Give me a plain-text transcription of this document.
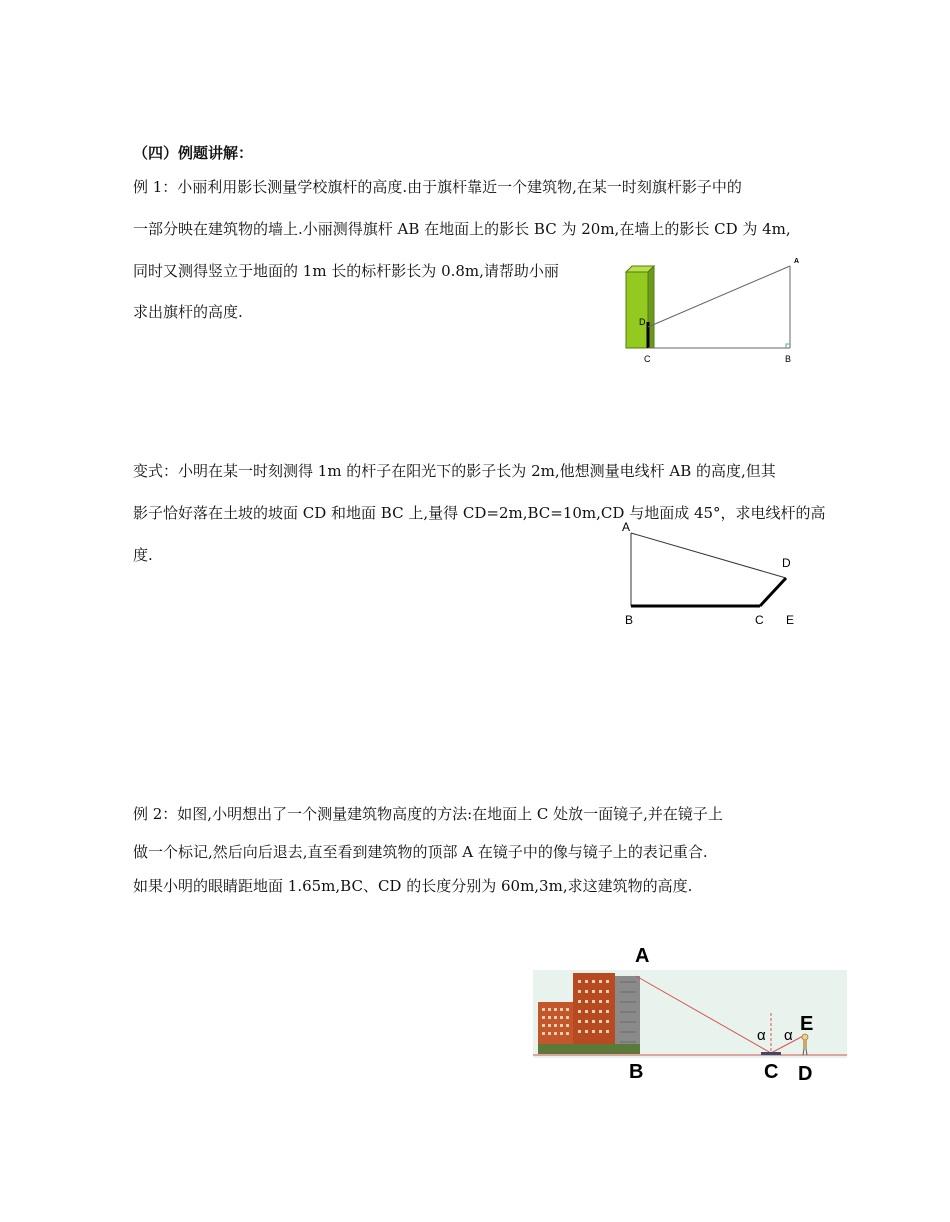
（四）例题讲解：
例 1：小丽利用影长测量学校旗杆的高度.由于旗杆靠近一个建筑物,在某一时刻旗杆影子中的
一部分映在建筑物的墙上.小丽测得旗杆 AB 在地面上的影长 BC 为 20m,在墙上的影长 CD 为 4m,
同时又测得竖立于地面的 1m 长的标杆影长为 0.8m,请帮助小丽
求出旗杆的高度.
A
D
C	B
变式：小明在某一时刻测得 1m 的杆子在阳光下的影子长为 2m,他想测量电线杆 AB 的高度,但其
影子恰好落在土坡的坡面 CD 和地面 BC 上,量得 CD=2m,BC=10m,CD 与地面成 45°，求电线杆的高
度.
A
D
B	C E
例 2：如图,小明想出了一个测量建筑物高度的方法:在地面上 C 处放一面镜子,并在镜子上
做一个标记,然后向后退去,直至看到建筑物的顶部 A 在镜子中的像与镜子上的表记重合.
如果小明的眼睛距地面 1.65m,BC、CD 的长度分别为 60m,3m,求这建筑物的高度.
A
B	C D
E
α α
